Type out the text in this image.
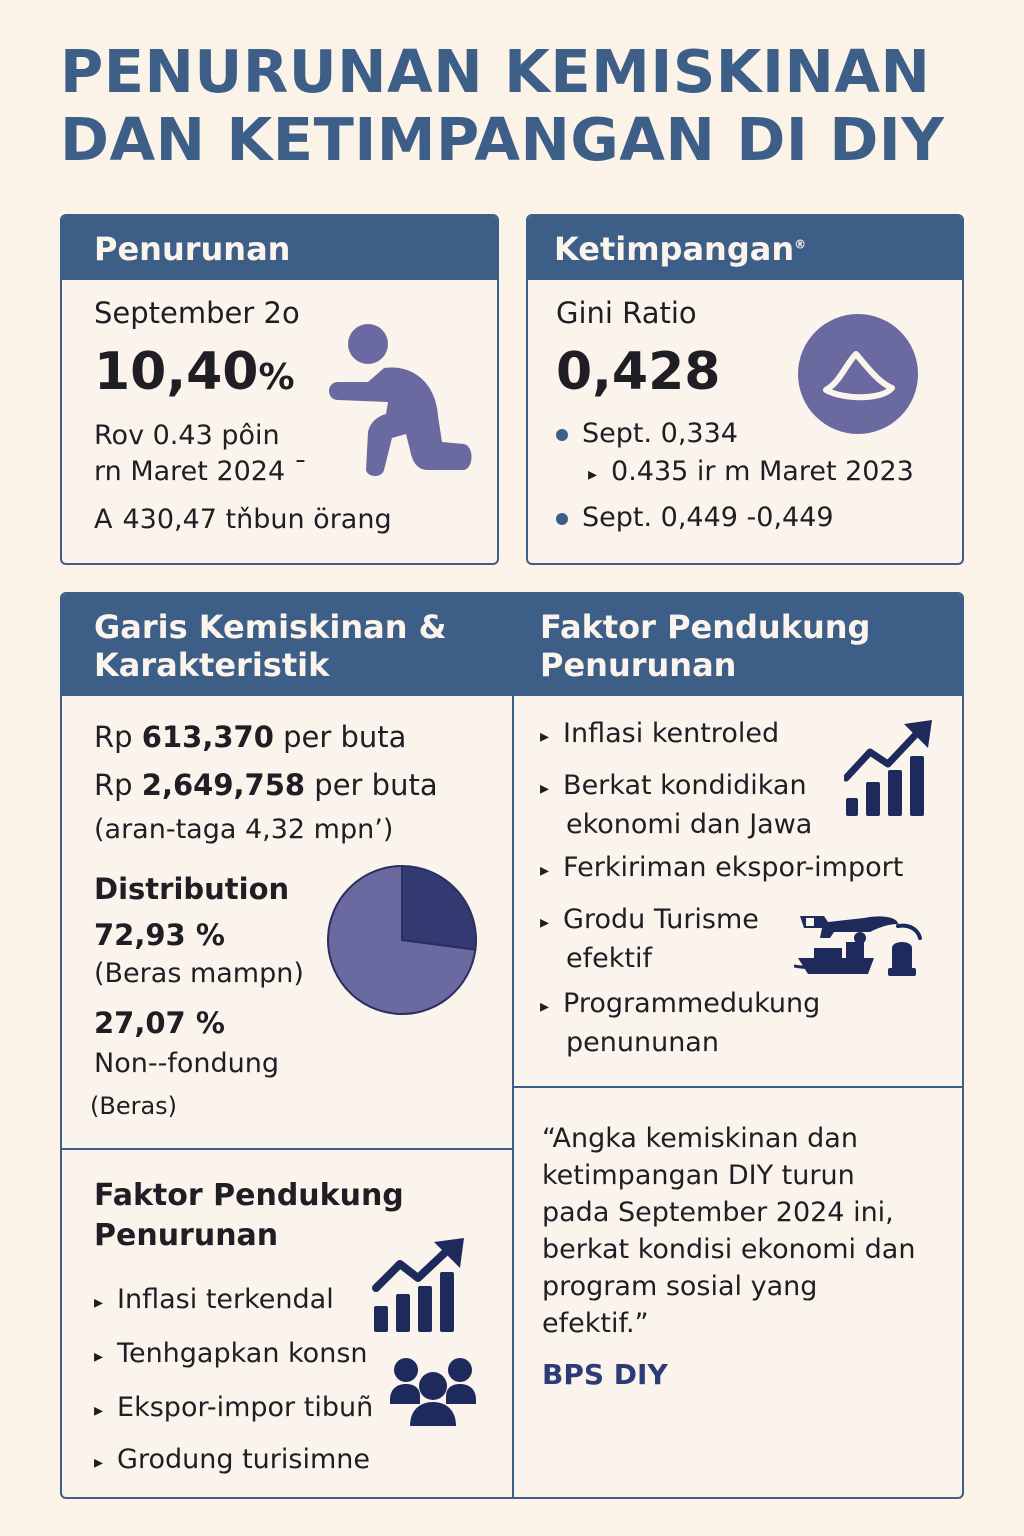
PENURUNAN KEMISKINAN
DAN KETIMPANGAN DI DIY
Penurunan
September 2o
10,40%
Rov 0.43 pôin
rn Maret 2024 ¯
A 430,47 tňbun örang
Ketimpangan®
Gini Ratio
0,428
Sept. 0,334
▸ 0.435 ir m Maret 2023
Sept. 0,449 -0,449
Garis Kemiskinan &
Karakteristik
Faktor Pendukung
Penurunan
Rp 613,370 per buta
Rp 2,649,758 per buta
(aran-taga 4,32 mpn’)
Distribution
72,93 %
(Beras mampn)
27,07 %
Non--fondung
(Beras)
Faktor Pendukung
Penurunan
▸ Inflasi terkendal
▸ Tenhgapkan konsn
▸ Ekspor-impor tibuñ
▸ Grodung turisimne
▸ Inflasi kentroled
▸ Berkat kondidikan
ekonomi dan Jawa
▸ Ferkiriman ekspor-import
▸ Grodu Turisme
efektif
▸ Programmedukung
penununan
“Angka kemiskinan dan
ketimpangan DIY turun
pada September 2024 ini,
berkat kondisi ekonomi dan
program sosial yang
efektif.”
BPS DIY
